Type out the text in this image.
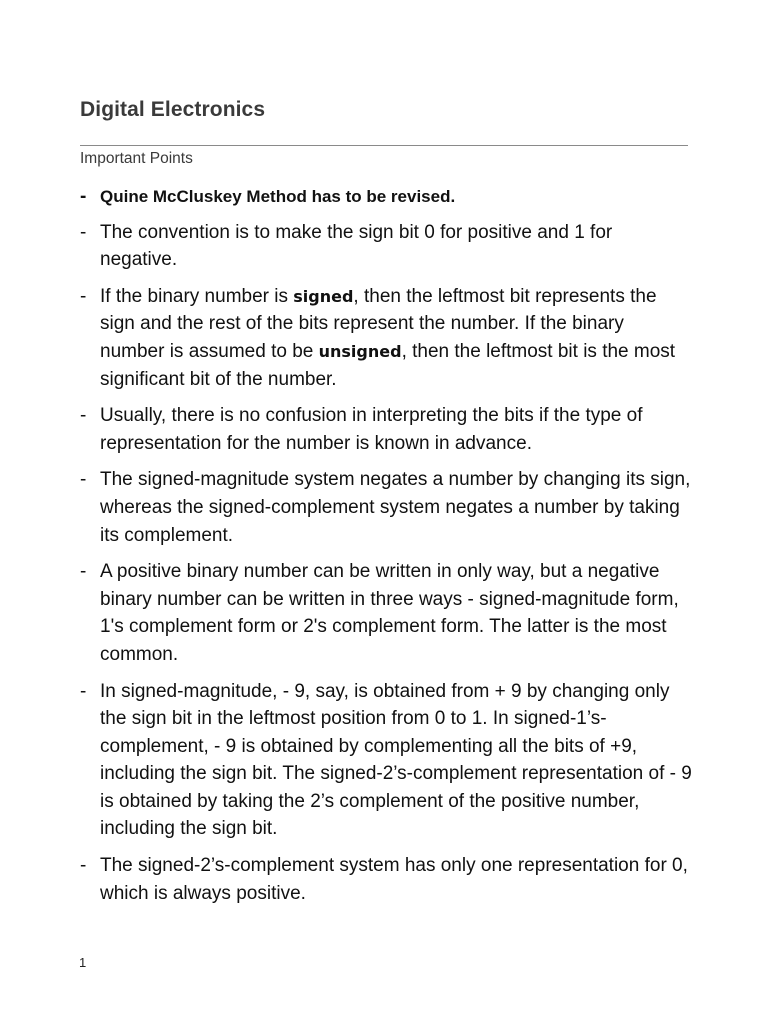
Digital Electronics
Important Points
- Quine McCluskey Method has to be revised.
- The convention is to make the sign bit 0 for positive and 1 for negative.
- If the binary number is signed, then the leftmost bit represents the sign and the rest of the bits represent the number. If the binary number is assumed to be unsigned, then the leftmost bit is the most significant bit of the number.
- Usually, there is no confusion in interpreting the bits if the type of representation for the number is known in advance.
- The signed-magnitude system negates a number by changing its sign, whereas the signed-complement system negates a number by taking its complement.
- A positive binary number can be written in only way, but a negative binary number can be written in three ways - signed-magnitude form, 1's complement form or 2's complement form. The latter is the most common.
- In signed-magnitude, - 9, say, is obtained from + 9 by changing only the sign bit in the leftmost position from 0 to 1. In signed-1’s-complement, - 9 is obtained by complementing all the bits of +9, including the sign bit. The signed-2’s-complement representation of - 9 is obtained by taking the 2’s complement of the positive number, including the sign bit.
- The signed-2’s-complement system has only one representation for 0, which is always positive.
1
